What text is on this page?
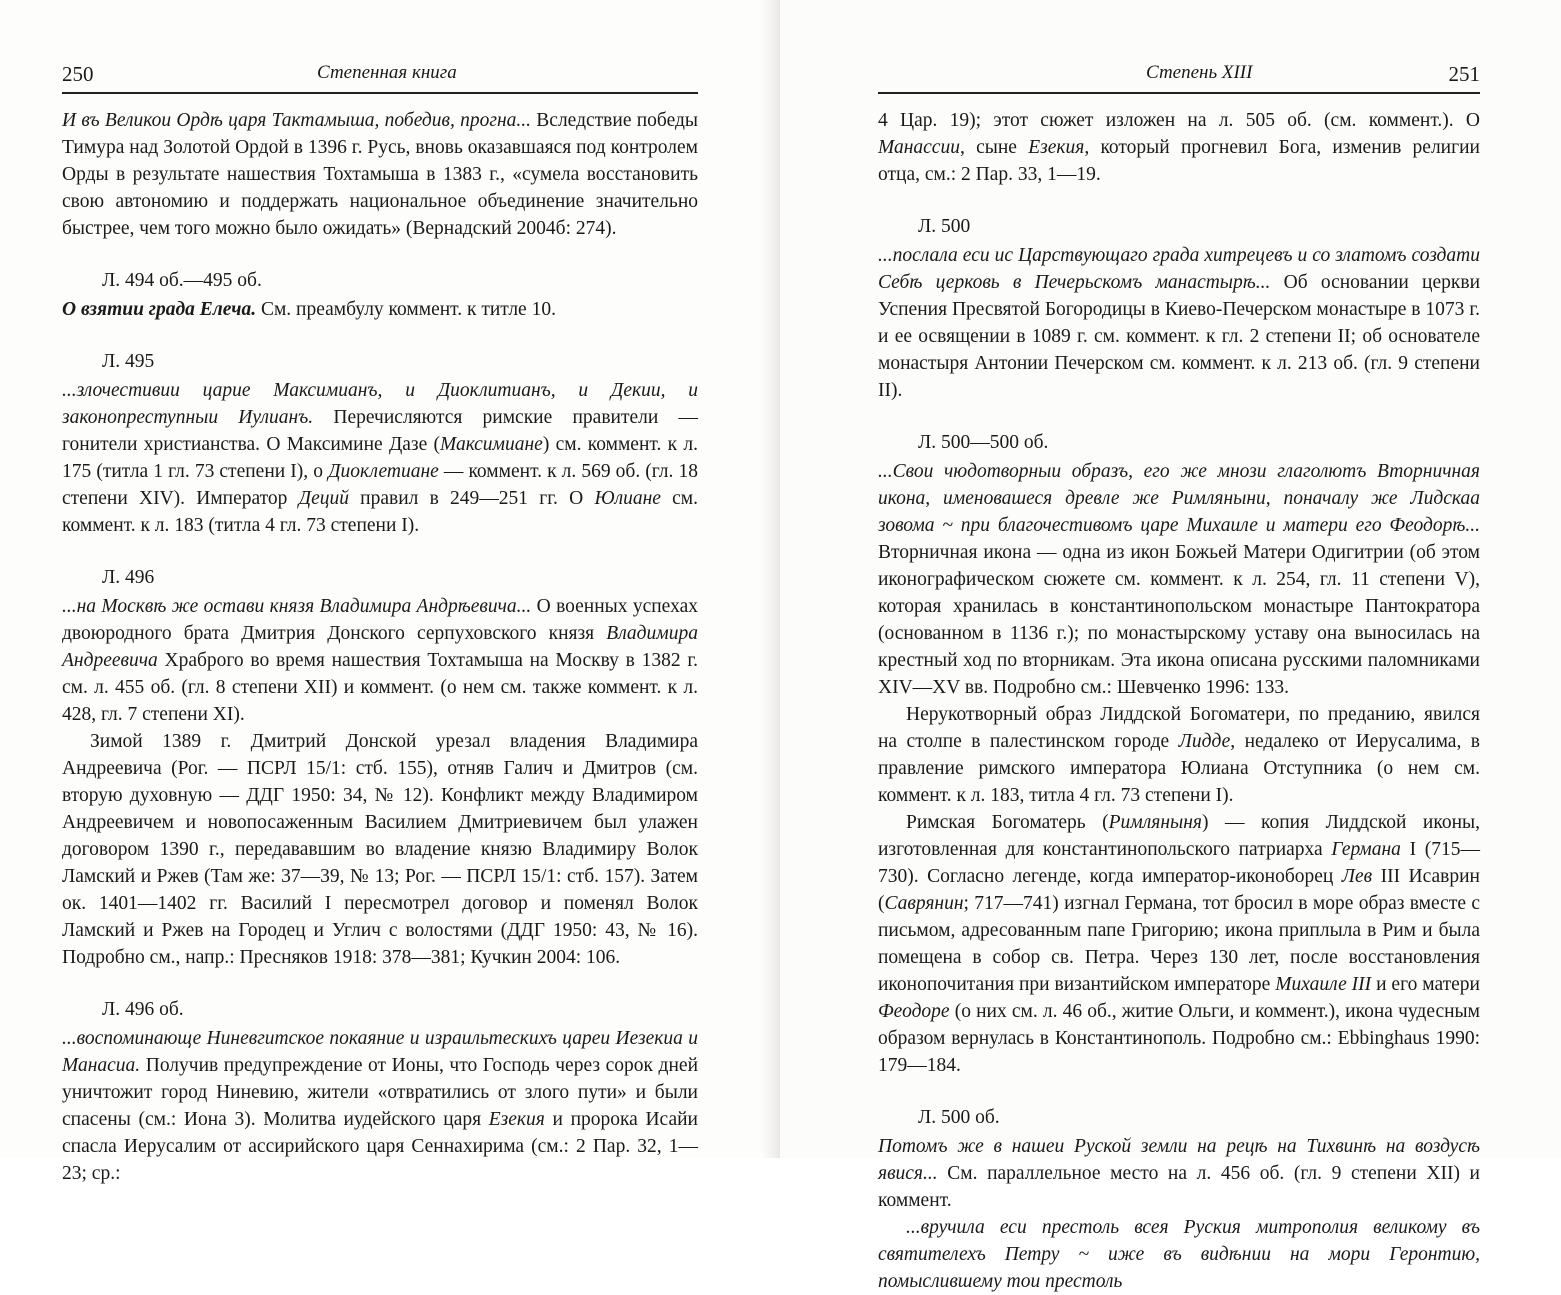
250	Степенная книга

И въ Великои Ордѣ царя Тактамыша, победив, прогна... Вследствие победы Тимура над Золотой Ордой в 1396 г. Русь, вновь оказавшаяся под контролем Орды в результате нашествия Тохтамыша в 1383 г., «сумела восстановить свою автономию и поддержать национальное объединение значительно быстрее, чем того можно было ожидать» (Вернадский 2004б: 274).

Л. 494 об.—495 об.

О взятии града Елеча. См. преамбулу коммент. к титле 10.

Л. 495

...злочестивии царие Максимианъ, и Диоклитианъ, и Декии, и законопреступныи Иулианъ. Перечисляются римские правители — гонители христианства. О Максимине Дазе (Максимиане) см. коммент. к л. 175 (титла 1 гл. 73 степени I), о Диоклетиане — коммент. к л. 569 об. (гл. 18 степени XIV). Император Деций правил в 249—251 гг. О Юлиане см. коммент. к л. 183 (титла 4 гл. 73 степени I).

Л. 496

...на Москвѣ же остави князя Владимира Андрѣевича... О военных успехах двоюродного брата Дмитрия Донского серпуховского князя Владимира Андреевича Храброго во время нашествия Тохтамыша на Москву в 1382 г. см. л. 455 об. (гл. 8 степени XII) и коммент. (о нем см. также коммент. к л. 428, гл. 7 степени XI).

Зимой 1389 г. Дмитрий Донской урезал владения Владимира Андреевича (Рог. — ПСРЛ 15/1: стб. 155), отняв Галич и Дмитров (см. вторую духовную — ДДГ 1950: 34, № 12). Конфликт между Владимиром Андреевичем и новопосаженным Василием Дмитриевичем был улажен договором 1390 г., передававшим во владение князю Владимиру Волок Ламский и Ржев (Там же: 37—39, № 13; Рог. — ПСРЛ 15/1: стб. 157). Затем ок. 1401—1402 гг. Василий I пересмотрел договор и поменял Волок Ламский и Ржев на Городец и Углич с волостями (ДДГ 1950: 43, № 16). Подробно см., напр.: Пресняков 1918: 378—381; Кучкин 2004: 106.

Л. 496 об.

...воспоминающе Ниневгитское покаяние и израильтескихъ цареи Иезекиа и Манасиа. Получив предупреждение от Ионы, что Господь через сорок дней уничтожит город Ниневию, жители «отвратились от злого пути» и были спасены (см.: Иона 3). Молитва иудейского царя Езекия и пророка Исайи спасла Иерусалим от ассирийского царя Сеннахирима (см.: 2 Пар. 32, 1—23; ср.:

Степень XIII	251

4 Цар. 19); этот сюжет изложен на л. 505 об. (см. коммент.). О Манассии, сыне Езекия, который прогневил Бога, изменив религии отца, см.: 2 Пар. 33, 1—19.

Л. 500

...послала еси ис Царствующаго града хитрецевъ и со златомъ создати Себѣ церковь в Печерьскомъ манастырѣ... Об основании церкви Успения Пресвятой Богородицы в Киево-Печерском монастыре в 1073 г. и ее освящении в 1089 г. см. коммент. к гл. 2 степени II; об основателе монастыря Антонии Печерском см. коммент. к л. 213 об. (гл. 9 степени II).

Л. 500—500 об.

...Свои чюдотворныи образъ, его же мнози глаголютъ Вторничная икона, именовашеся древле же Римляныни, поначалу же Лидскаа зовома ~ при благочестивомъ царе Михаиле и матери его Феодорѣ... Вторничная икона — одна из икон Божьей Матери Одигитрии (об этом иконографическом сюжете см. коммент. к л. 254, гл. 11 степени V), которая хранилась в константинопольском монастыре Пантократора (основанном в 1136 г.); по монастырскому уставу она выносилась на крестный ход по вторникам. Эта икона описана русскими паломниками XIV—XV вв. Подробно см.: Шевченко 1996: 133.

Нерукотворный образ Лиддской Богоматери, по преданию, явился на столпе в палестинском городе Лидде, недалеко от Иерусалима, в правление римского императора Юлиана Отступника (о нем см. коммент. к л. 183, титла 4 гл. 73 степени I).

Римская Богоматерь (Римляныня) — копия Лиддской иконы, изготовленная для константинопольского патриарха Германа I (715—730). Согласно легенде, когда император-иконоборец Лев III Исаврин (Саврянин; 717—741) изгнал Германа, тот бросил в море образ вместе с письмом, адресованным папе Григорию; икона приплыла в Рим и была помещена в собор св. Петра. Через 130 лет, после восстановления иконопочитания при византийском императоре Михаиле III и его матери Феодоре (о них см. л. 46 об., житие Ольги, и коммент.), икона чудесным образом вернулась в Константинополь. Подробно см.: Ebbinghaus 1990: 179—184.

Л. 500 об.

Потомъ же в нашеи Руской земли на рецѣ на Тихвинѣ на воздусѣ явися... См. параллельное место на л. 456 об. (гл. 9 степени XII) и коммент.

...вручила еси престоль всея Руския митрополия великому въ святителехъ Петру ~ иже въ видѣнии на мори Геронтию, помыслившему тои престоль
